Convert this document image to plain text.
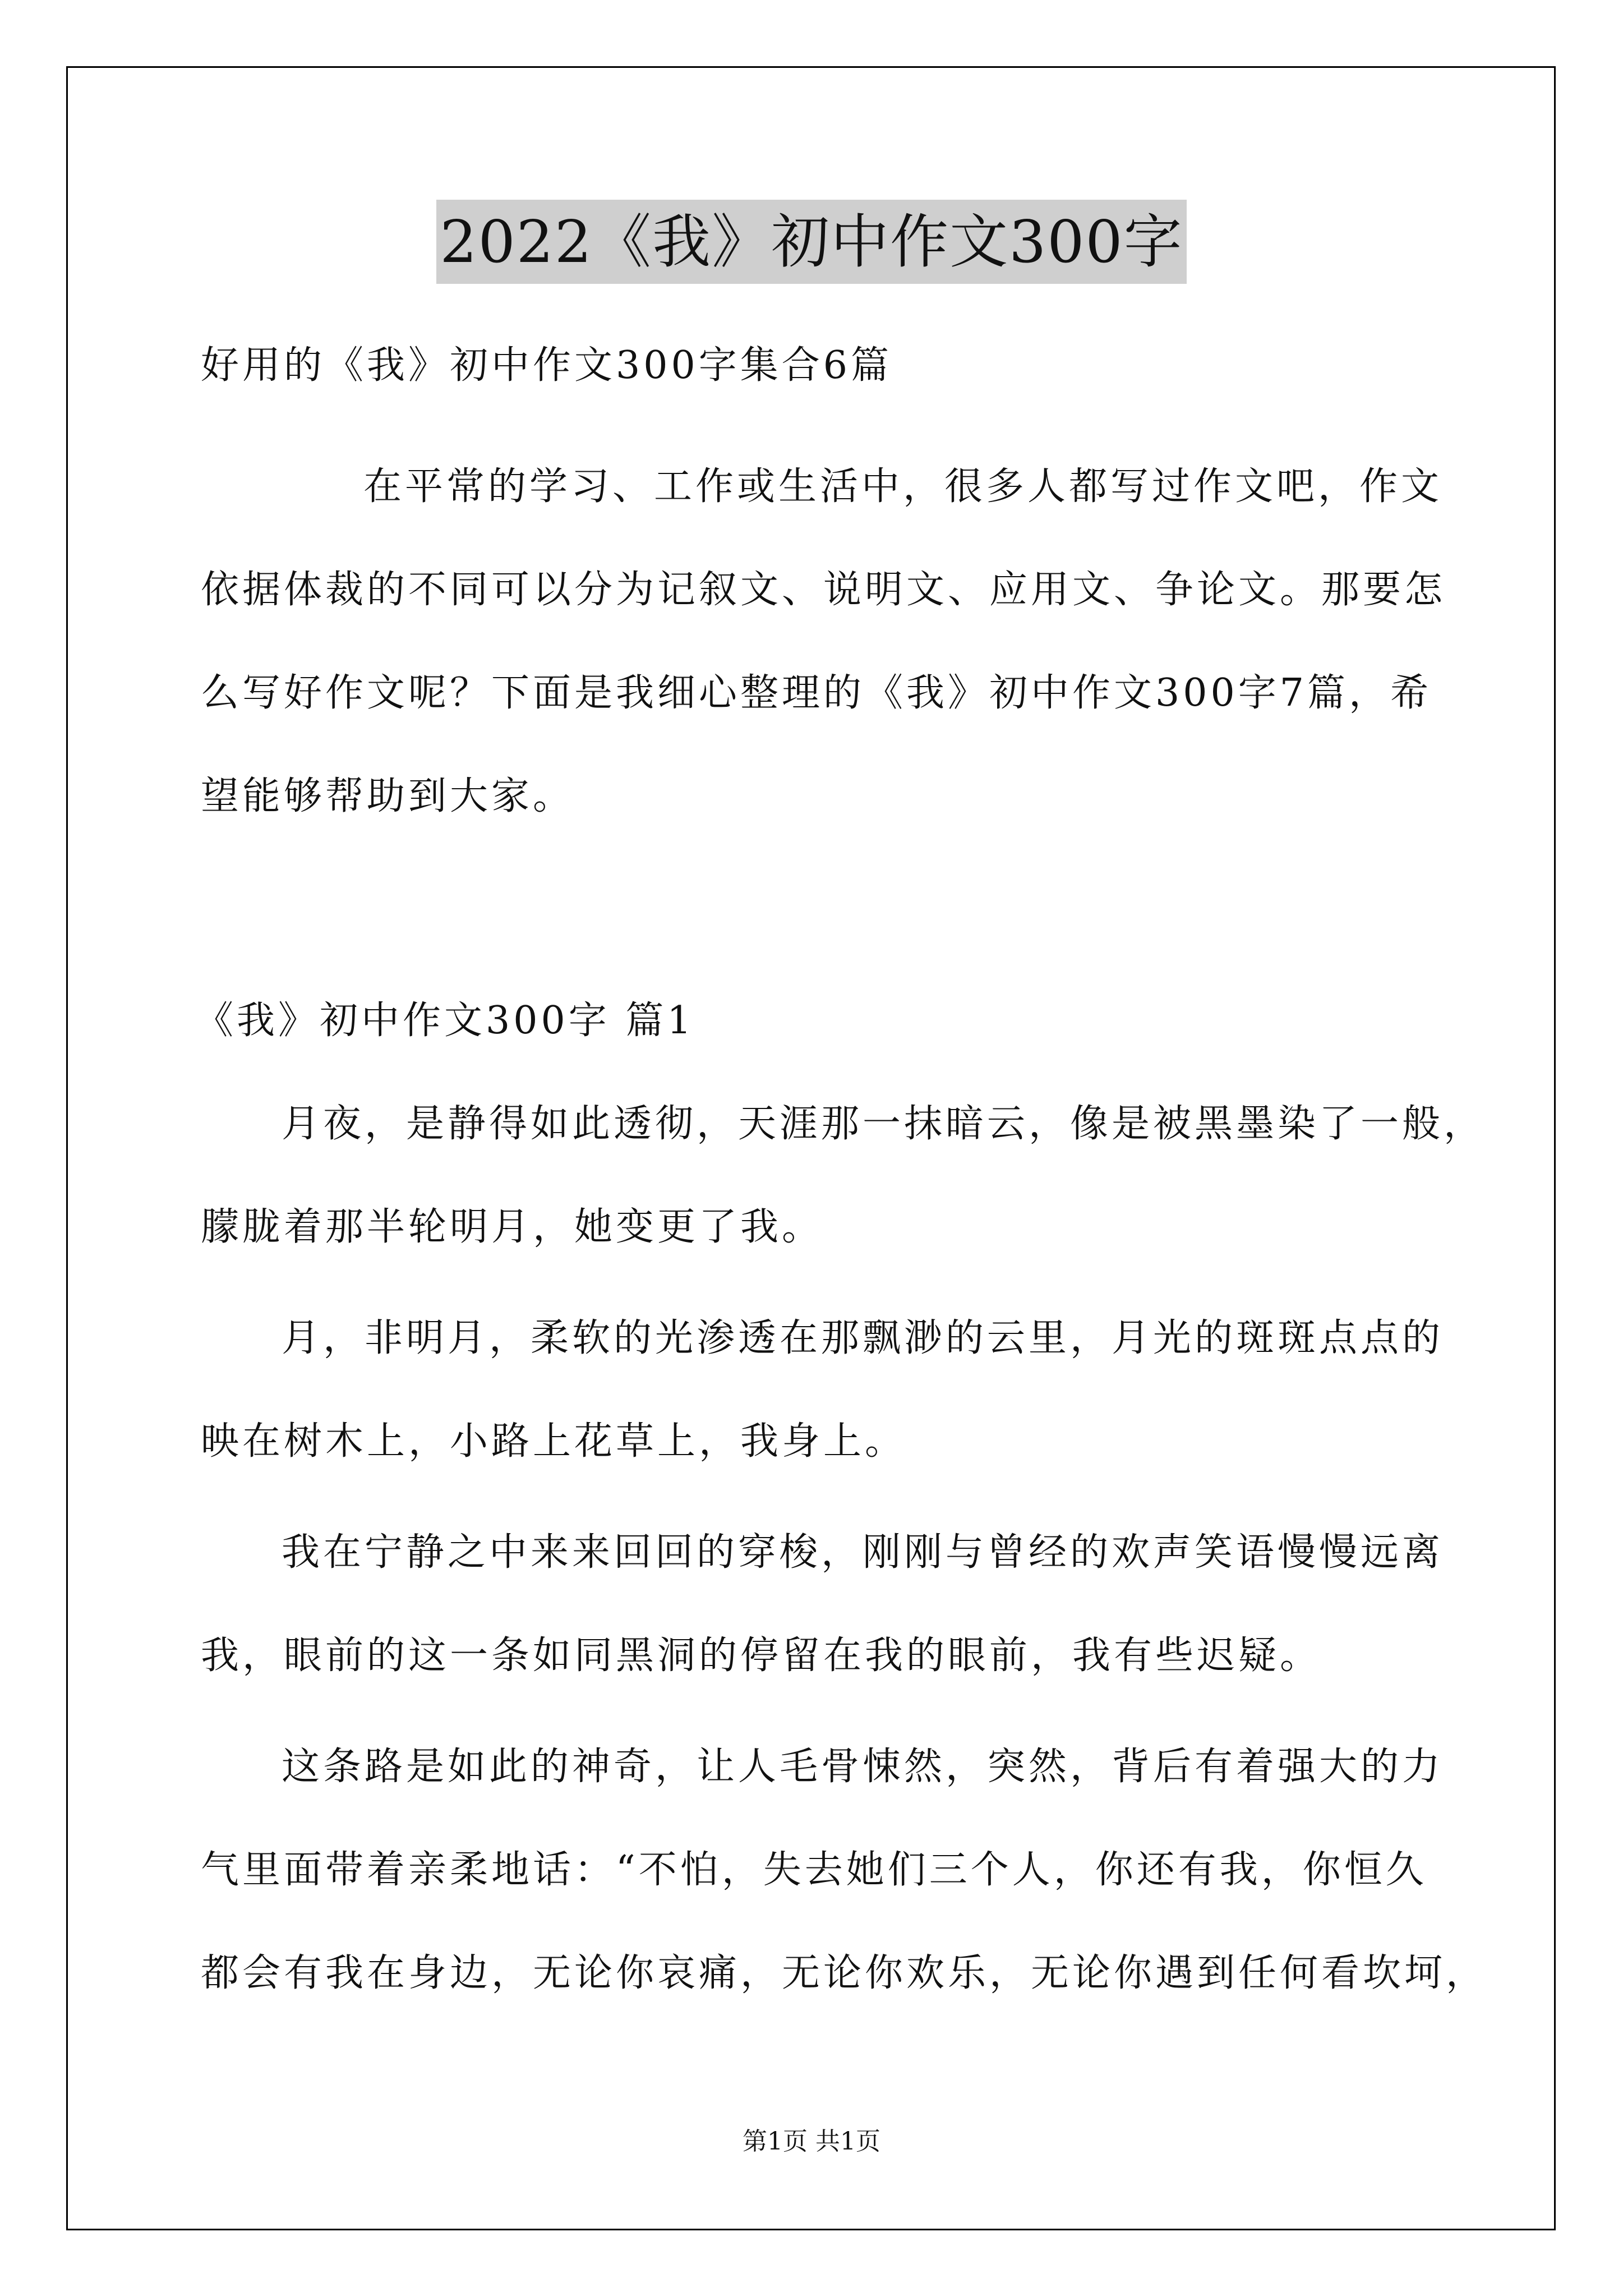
2022《我》初中作文300字
好用的《我》初中作文300字集合6篇
在平常的学习、工作或生活中，很多人都写过作文吧，作文
依据体裁的不同可以分为记叙文、说明文、应用文、争论文。那要怎
么写好作文呢？下面是我细心整理的《我》初中作文300字7篇，希
望能够帮助到大家。
《我》初中作文300字 篇1
月夜，是静得如此透彻，天涯那一抹暗云，像是被黑墨染了一般，
朦胧着那半轮明月，她变更了我。
月，非明月，柔软的光渗透在那飘渺的云里，月光的斑斑点点的
映在树木上，小路上花草上，我身上。
我在宁静之中来来回回的穿梭，刚刚与曾经的欢声笑语慢慢远离
我，眼前的这一条如同黑洞的停留在我的眼前，我有些迟疑。
这条路是如此的神奇，让人毛骨悚然，突然，背后有着强大的力
气里面带着亲柔地话：“不怕，失去她们三个人，你还有我，你恒久
都会有我在身边，无论你哀痛，无论你欢乐，无论你遇到任何看坎坷，
第1页 共1页
